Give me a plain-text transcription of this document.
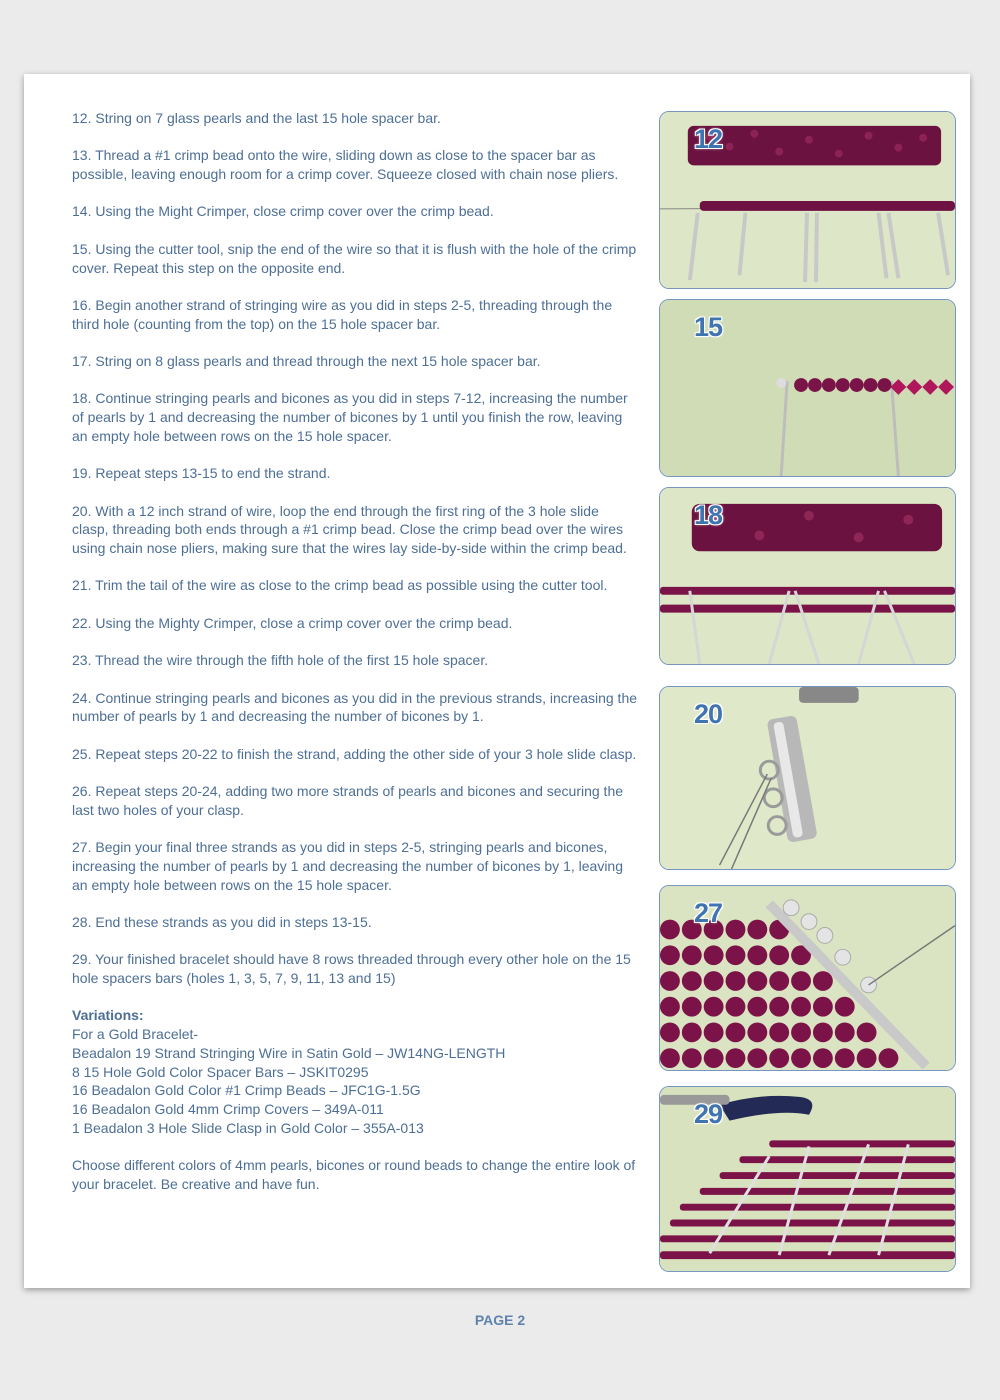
12. String on 7 glass pearls and the last 15 hole spacer bar.

13. Thread a #1 crimp bead onto the wire, sliding down as close to the spacer bar as possible, leaving enough room for a crimp cover. Squeeze closed with chain nose pliers.

14. Using the Might Crimper, close crimp cover over the crimp bead.

15. Using the cutter tool, snip the end of the wire so that it is flush with the hole of the crimp cover. Repeat this step on the opposite end.

16. Begin another strand of stringing wire as you did in steps 2-5, threading through the third hole (counting from the top) on the 15 hole spacer bar.

17. String on 8 glass pearls and thread through the next 15 hole spacer bar.

18. Continue stringing pearls and bicones as you did in steps 7-12, increasing the number of pearls by 1 and decreasing the number of bicones by 1 until you finish the row, leaving an empty hole between rows on the 15 hole spacer.

19. Repeat steps 13-15 to end the strand.

20. With a 12 inch strand of wire, loop the end through the first ring of the 3 hole slide clasp, threading both ends through a #1 crimp bead. Close the crimp bead over the wires using chain nose pliers, making sure that the wires lay side-by-side within the crimp bead.

21. Trim the tail of the wire as close to the crimp bead as possible using the cutter tool.

22. Using the Mighty Crimper, close a crimp cover over the crimp bead.

23. Thread the wire through the fifth hole of the first 15 hole spacer.

24. Continue stringing pearls and bicones as you did in the previous strands, increasing the number of pearls by 1 and decreasing the number of bicones by 1.

25. Repeat steps 20-22 to finish the strand, adding the other side of your 3 hole slide clasp.

26. Repeat steps 20-24, adding two more strands of pearls and bicones and securing the last two holes of your clasp.

27. Begin your final three strands as you did in steps 2-5, stringing pearls and bicones, increasing the number of pearls by 1 and decreasing the number of bicones by 1, leaving an empty hole between rows on the 15 hole spacer.

28. End these strands as you did in steps 13-15.

29. Your finished bracelet should have 8 rows threaded through every other hole on the 15 hole spacers bars (holes 1, 3, 5, 7, 9, 11, 13 and 15)

Variations:

For a Gold Bracelet-

Beadalon 19 Strand Stringing Wire in Satin Gold – JW14NG-LENGTH
8 15 Hole Gold Color Spacer Bars – JSKIT0295
16 Beadalon Gold Color #1 Crimp Beads – JFC1G-1.5G
16 Beadalon Gold 4mm Crimp Covers – 349A-011
1 Beadalon 3 Hole Slide Clasp in Gold Color – 355A-013

Choose different colors of 4mm pearls, bicones or round beads to change the entire look of your bracelet. Be creative and have fun.

12
15
18
20
27
29
PAGE 2
